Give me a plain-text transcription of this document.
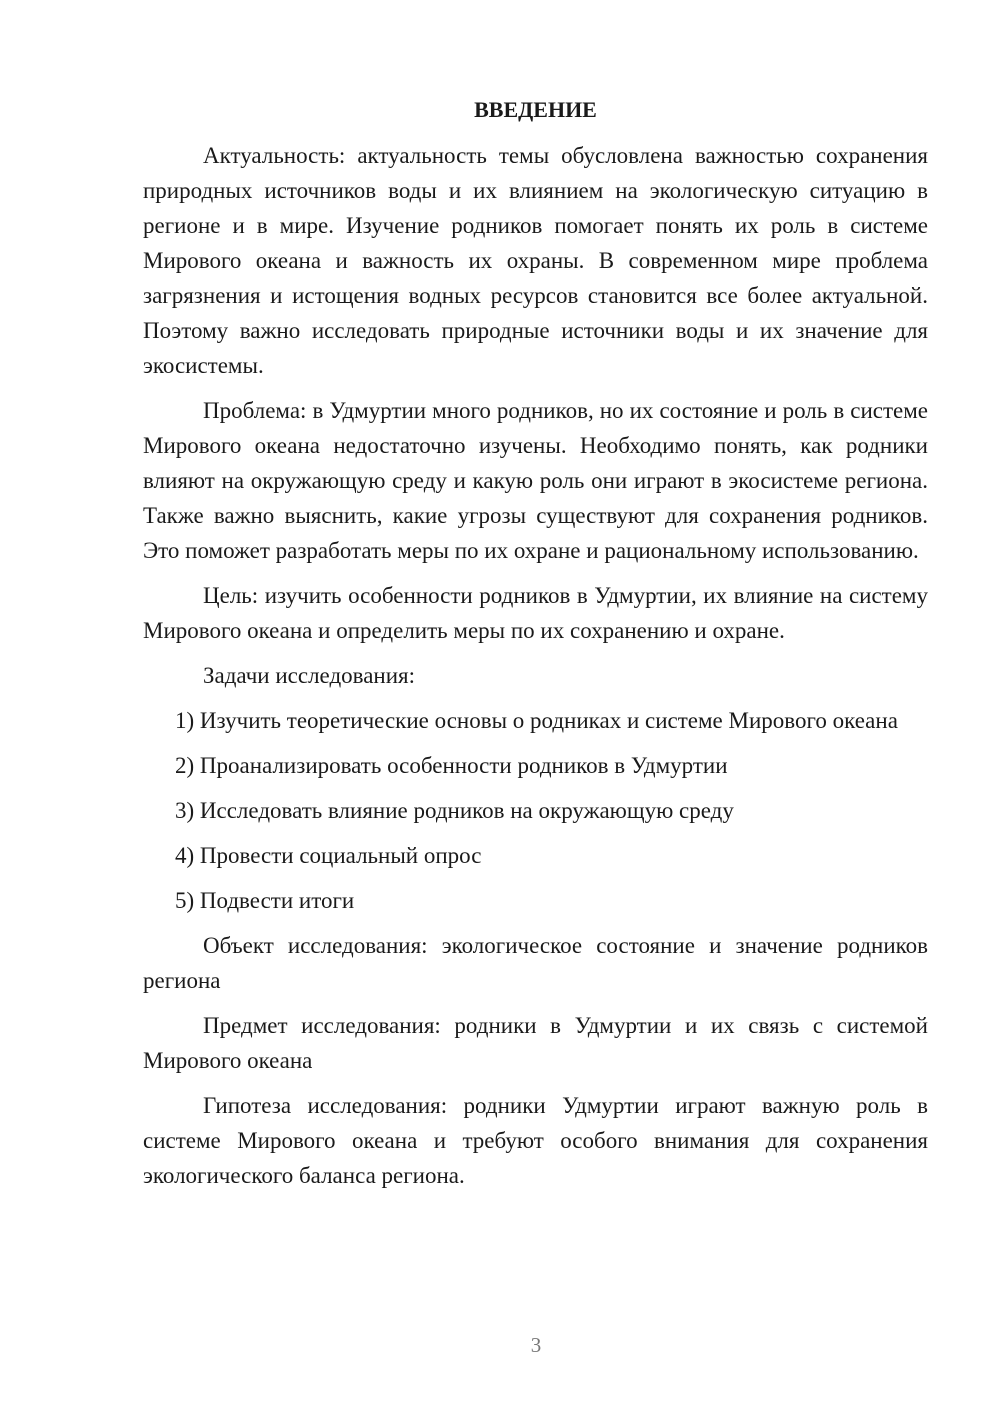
ВВЕДЕНИЕ

Актуальность: актуальность темы обусловлена важностью сохранения природных источников воды и их влиянием на экологическую ситуацию в регионе и в мире. Изучение родников помогает понять их роль в системе Мирового океана и важность их охраны. В современном мире проблема загрязнения и истощения водных ресурсов становится все более актуальной. Поэтому важно исследовать природные источники воды и их значение для экосистемы.

Проблема: в Удмуртии много родников, но их состояние и роль в системе Мирового океана недостаточно изучены. Необходимо понять, как родники влияют на окружающую среду и какую роль они играют в экосистеме региона. Также важно выяснить, какие угрозы существуют для сохранения родников. Это поможет разработать меры по их охране и рациональному использованию.

Цель: изучить особенности родников в Удмуртии, их влияние на систему Мирового океана и определить меры по их сохранению и охране.

Задачи исследования:

1) Изучить теоретические основы о родниках и системе Мирового океана

2) Проанализировать особенности родников в Удмуртии

3) Исследовать влияние родников на окружающую среду

4) Провести социальный опрос

5) Подвести итоги

Объект исследования: экологическое состояние и значение родников региона

Предмет исследования: родники в Удмуртии и их связь с системой Мирового океана

Гипотеза исследования: родники Удмуртии играют важную роль в системе Мирового океана и требуют особого внимания для сохранения экологического баланса региона.

3
